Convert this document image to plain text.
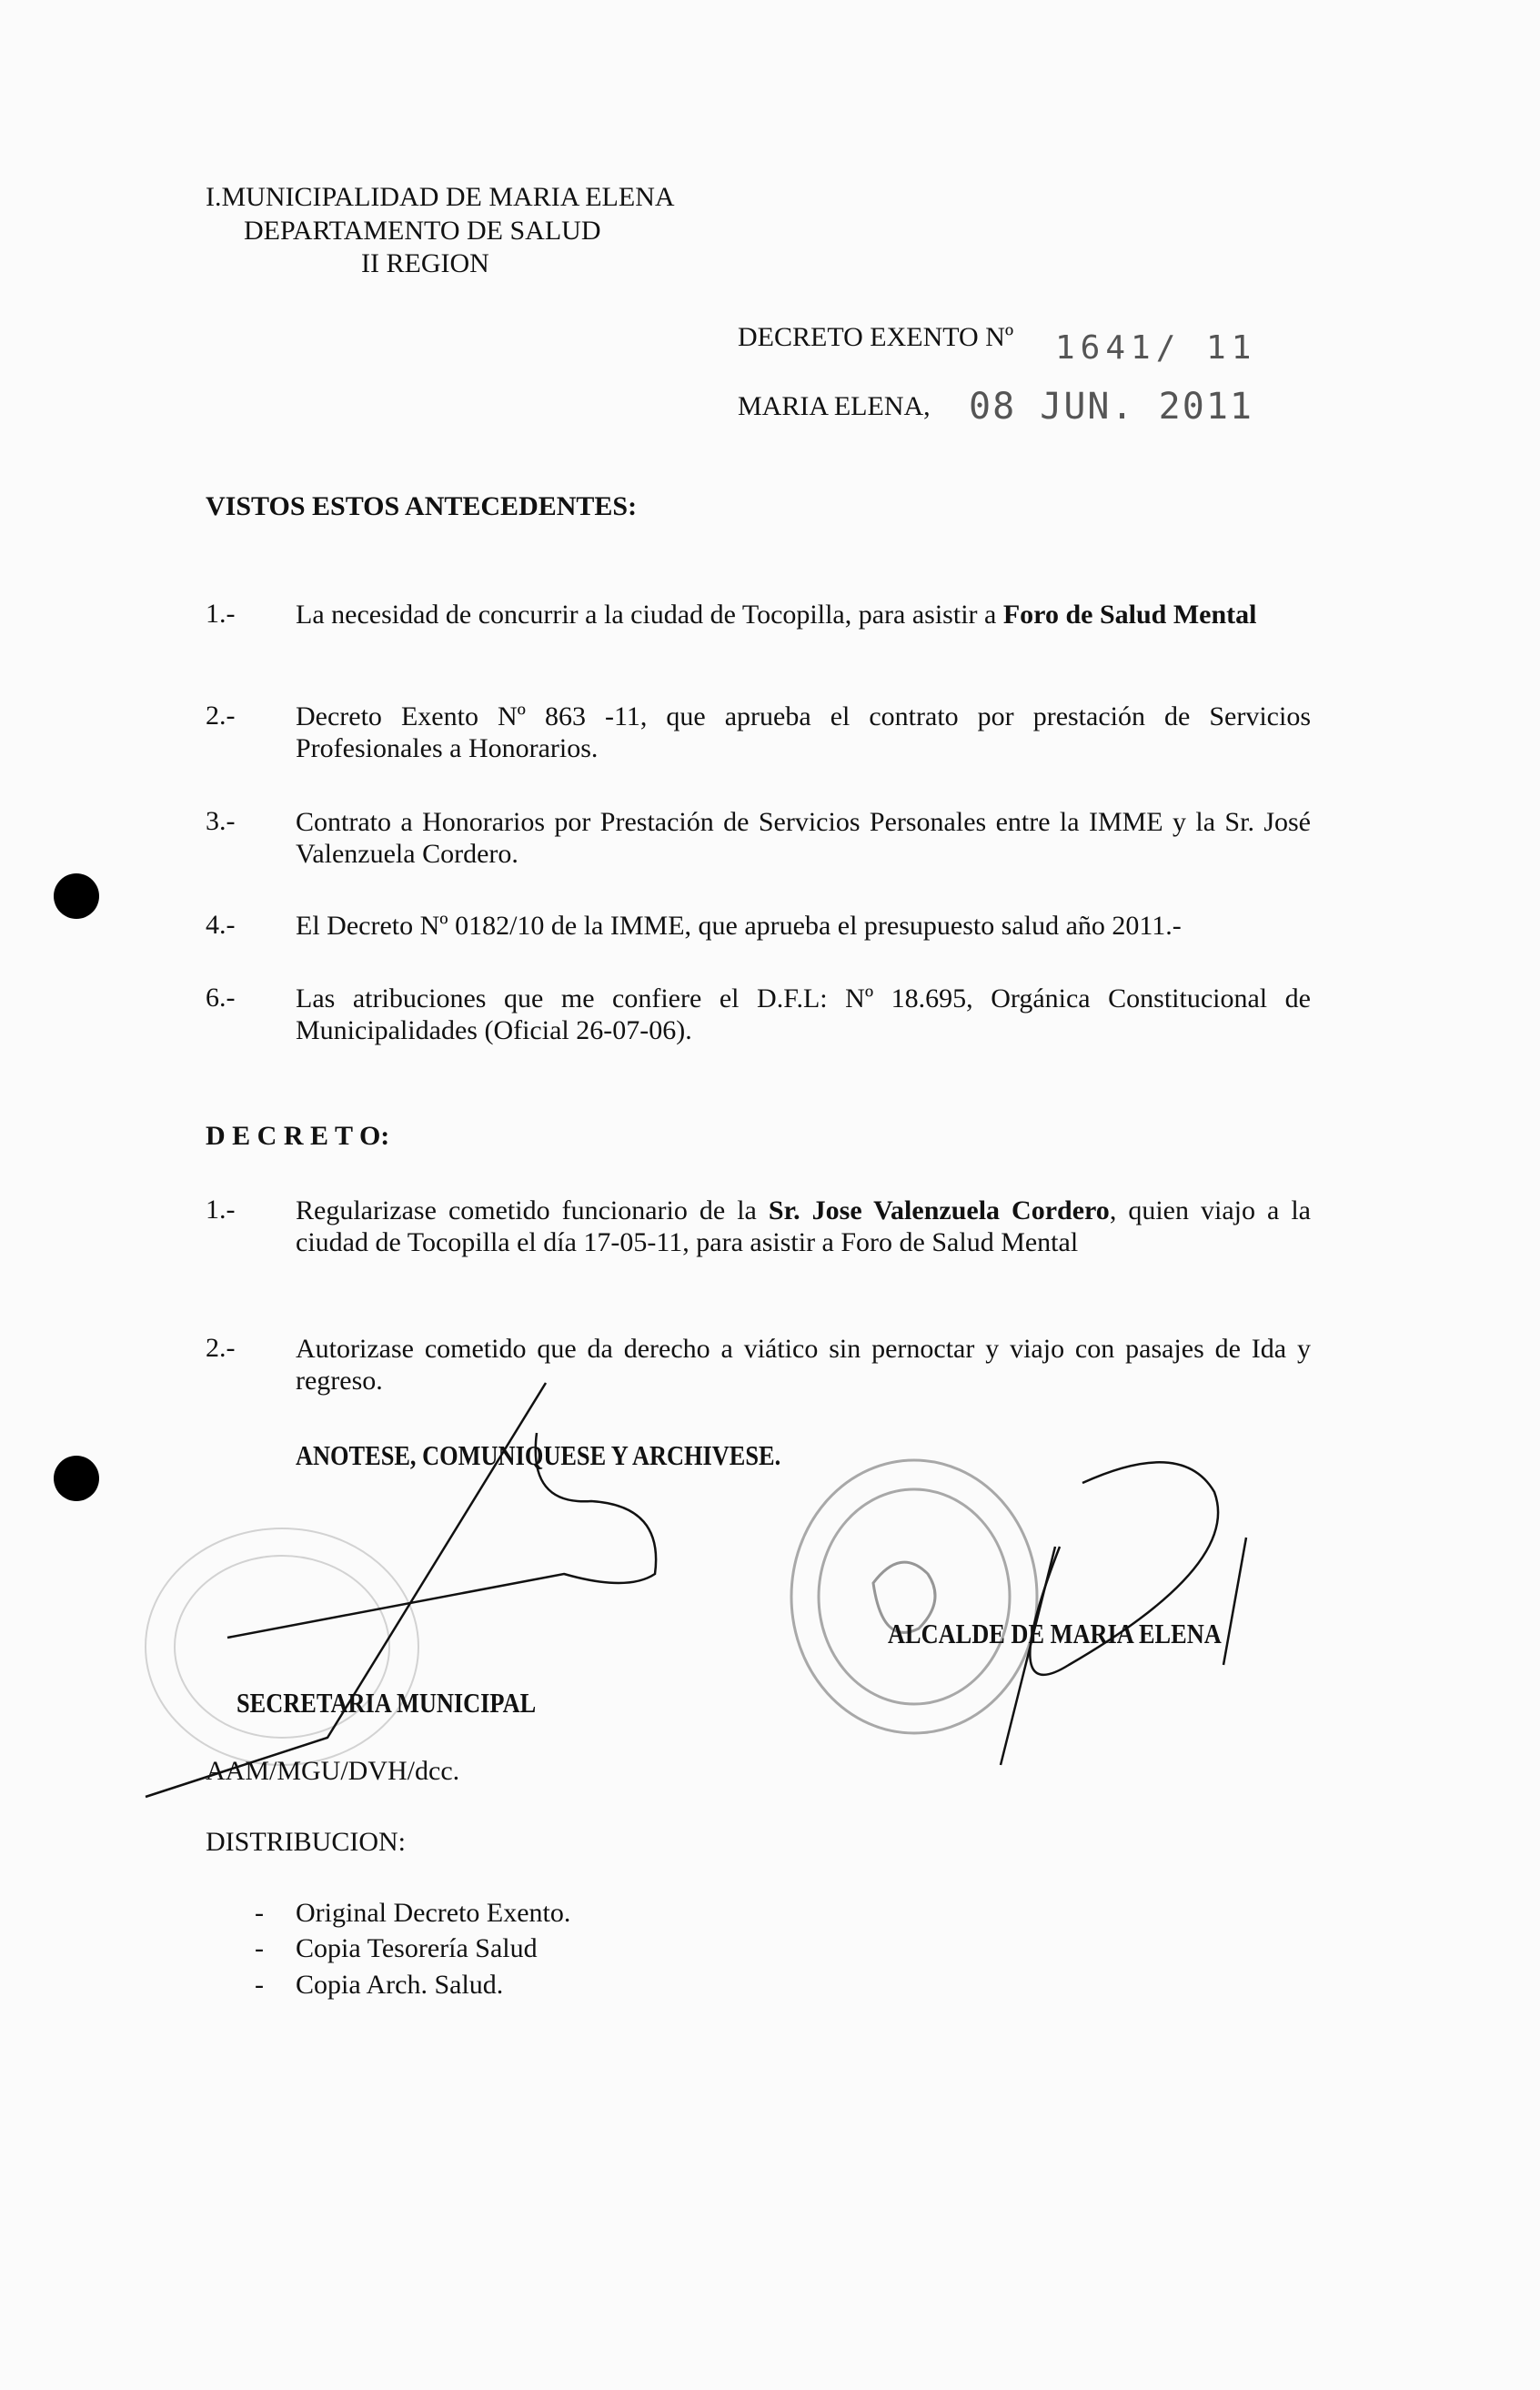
I.MUNICIPALIDAD DE MARIA ELENA
DEPARTAMENTO DE SALUD
II REGION
DECRETO EXENTO Nº 1641/ 11
MARIA ELENA, 08 JUN. 2011
VISTOS ESTOS ANTECEDENTES:
1.- La necesidad de concurrir a la ciudad de Tocopilla, para asistir a Foro de Salud Mental
2.- Decreto Exento Nº 863 -11, que aprueba el contrato por prestación de Servicios Profesionales a Honorarios.
3.- Contrato a Honorarios por Prestación de Servicios Personales entre la IMME y la Sr. José Valenzuela Cordero.
4.- El Decreto Nº 0182/10 de la IMME, que aprueba el presupuesto salud año 2011.-
6.- Las atribuciones que me confiere el D.F.L: Nº 18.695, Orgánica Constitucional de Municipalidades (Oficial 26-07-06).
D E C R E T O:
1.- Regularizase cometido funcionario de la Sr. Jose Valenzuela Cordero, quien viajo a la ciudad de Tocopilla el día 17-05-11, para asistir a Foro de Salud Mental
2.- Autorizase cometido que da derecho a viático sin pernoctar y viajo con pasajes de Ida y regreso.
ANOTESE, COMUNIQUESE Y ARCHIVESE.
ALCALDE DE MARIA ELENA
SECRETARIA MUNICIPAL
AAM/MGU/DVH/dcc.
DISTRIBUCION:
- Original Decreto Exento.
- Copia Tesorería Salud
- Copia Arch. Salud.
